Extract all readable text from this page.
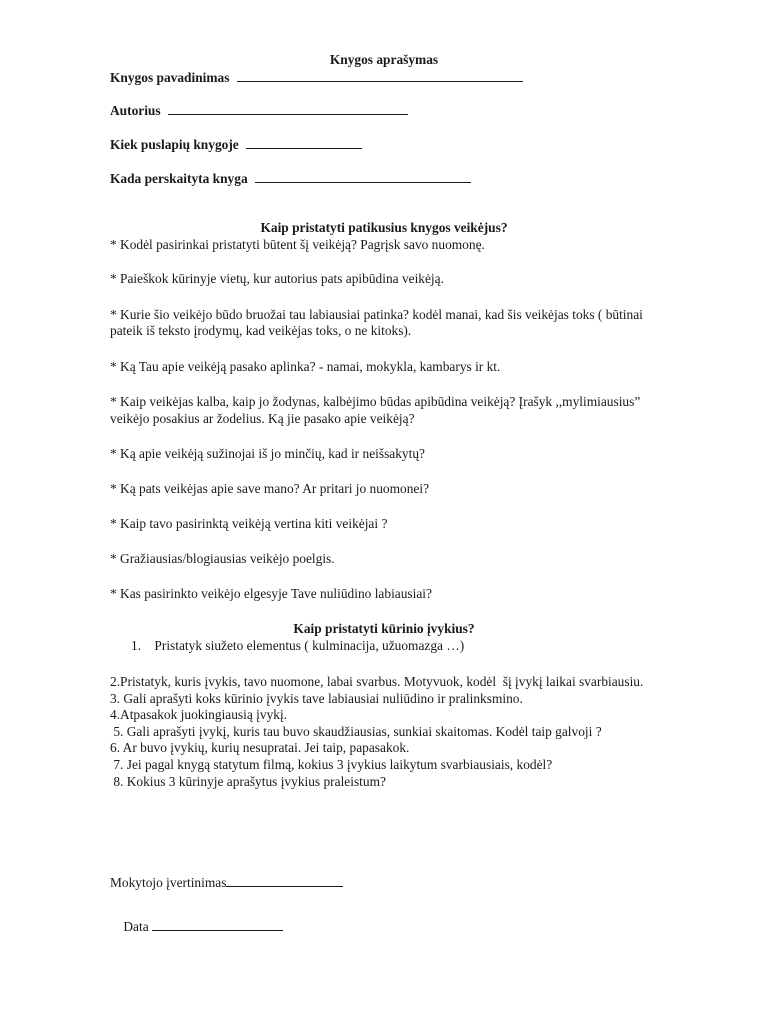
Knygos aprašymas
Knygos pavadinimas
Autorius
Kiek puslapių knygoje
Kada perskaityta knyga
Kaip pristatyti patikusius knygos veikėjus?
* Kodėl pasirinkai pristatyti būtent šį veikėją? Pagrįsk savo nuomonę.
* Paieškok kūrinyje vietų, kur autorius pats apibūdina veikėją.
* Kurie šio veikėjo būdo bruožai tau labiausiai patinka? kodėl manai, kad šis veikėjas toks ( būtinai
pateik iš teksto įrodymų, kad veikėjas toks, o ne kitoks).
* Ką Tau apie veikėją pasako aplinka? - namai, mokykla, kambarys ir kt.
* Kaip veikėjas kalba, kaip jo žodynas, kalbėjimo būdas apibūdina veikėją? Įrašyk ,,mylimiausius”
veikėjo posakius ar žodelius. Ką jie pasako apie veikėją?
* Ką apie veikėją sužinojai iš jo minčių, kad ir neišsakytų?
* Ką pats veikėjas apie save mano? Ar pritari jo nuomonei?
* Kaip tavo pasirinktą veikėją vertina kiti veikėjai ?
* Gražiausias/blogiausias veikėjo poelgis.
* Kas pasirinkto veikėjo elgesyje Tave nuliūdino labiausiai?
Kaip pristatyti kūrinio įvykius?
1.    Pristatyk siužeto elementus ( kulminacija, užuomazga …)
2.Pristatyk, kuris įvykis, tavo nuomone, labai svarbus. Motyvuok, kodėl  šį įvykį laikai svarbiausiu.
3. Gali aprašyti koks kūrinio įvykis tave labiausiai nuliūdino ir pralinksmino.
4.Atpasakok juokingiausią įvykį.
5. Gali aprašyti įvykį, kuris tau buvo skaudžiausias, sunkiai skaitomas. Kodėl taip galvoji ?
6. Ar buvo įvykių, kurių nesupratai. Jei taip, papasakok.
7. Jei pagal knygą statytum filmą, kokius 3 įvykius laikytum svarbiausiais, kodėl?
8. Kokius 3 kūrinyje aprašytus įvykius praleistum?
Mokytojo įvertinimas

Data
